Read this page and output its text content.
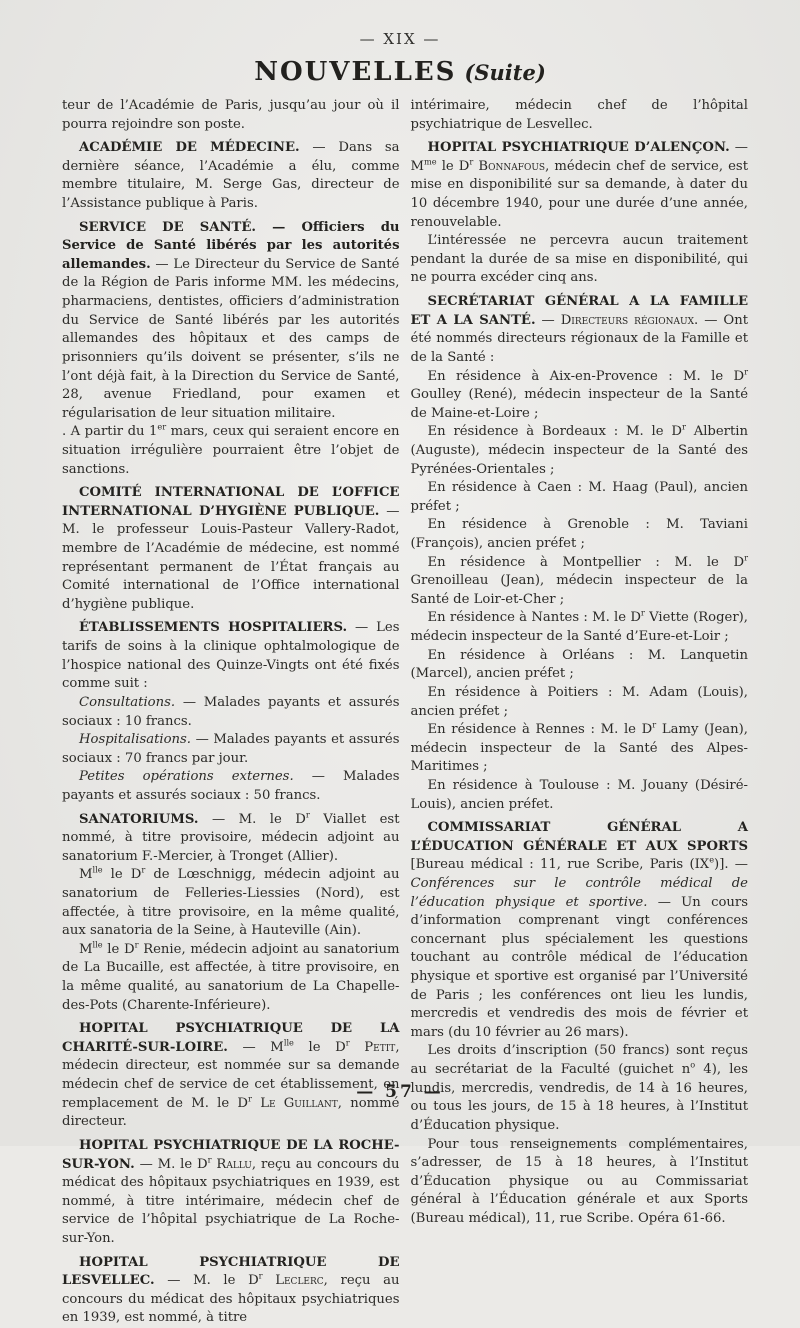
— XIX —
NOUVELLES (Suite)

teur de l’Académie de Paris, jusqu’au jour où il pourra rejoindre son poste.

ACADÉMIE DE MÉDECINE. — Dans sa dernière séance, l’Académie a élu, comme membre titulaire, M. Serge Gas, directeur de l’Assistance publique à Paris.

SERVICE DE SANTÉ. — Officiers du Service de Santé libérés par les autorités allemandes. — Le Directeur du Service de Santé de la Région de Paris informe MM. les médecins, pharmaciens, dentistes, officiers d’administration du Service de Santé libérés par les autorités allemandes des hôpitaux et des camps de prisonniers qu’ils doivent se présenter, s’ils ne l’ont déjà fait, à la Direction du Service de Santé, 28, avenue Friedland, pour examen et régularisation de leur situation militaire.

. A partir du 1er mars, ceux qui seraient encore en situation irrégulière pourraient être l’objet de sanctions.

COMITÉ INTERNATIONAL DE L’OFFICE INTERNATIONAL D’HYGIÈNE PUBLIQUE. — M. le professeur Louis-Pasteur Vallery-Radot, membre de l’Académie de médecine, est nommé représentant permanent de l’État français au Comité international de l’Office international d’hygiène publique.

ÉTABLISSEMENTS HOSPITALIERS. — Les tarifs de soins à la clinique ophtalmologique de l’hospice national des Quinze-Vingts ont été fixés comme suit :

Consultations. — Malades payants et assurés sociaux : 10 francs.

Hospitalisations. — Malades payants et assurés sociaux : 70 francs par jour.

Petites opérations externes. — Malades payants et assurés sociaux : 50 francs.

SANATORIUMS. — M. le $D^r$ Viallet est nommé, à titre provisoire, médecin adjoint au sanatorium F.-Mercier, à Tronget (Allier).

$M^{lle}$ le $D^r$ de Lœschnigg, médecin adjoint au sanatorium de Felleries-Liessies (Nord), est affectée, à titre provisoire, en la même qualité, aux sanatoria de la Seine, à Hauteville (Ain).

$M^{lle}$ le $D^r$ Renie, médecin adjoint au sanatorium de La Bucaille, est affectée, à titre provisoire, en la même qualité, au sanatorium de La Chapelle-des-Pots (Charente-Inférieure).

HOPITAL PSYCHIATRIQUE DE LA CHARITÉ-SUR-LOIRE. — $M^{lle}$ le $D^r$ Petit, médecin directeur, est nommée sur sa demande médecin chef de service de cet établissement, en remplacement de M. le $D^r$ Le Guillant, nommé directeur.

HOPITAL PSYCHIATRIQUE DE LA ROCHE-SUR-YON. — M. le $D^r$ Rallu, reçu au concours du médicat des hôpitaux psychiatriques en 1939, est nommé, à titre intérimaire, médecin chef de service de l’hôpital psychiatrique de La Roche-sur-Yon.

HOPITAL PSYCHIATRIQUE DE LESVELLEC. — M. le $D^r$ Leclerc, reçu au concours du médicat des hôpitaux psychiatriques en 1939, est nommé, à titre

intérimaire, médecin chef de l’hôpital psychiatrique de Lesvellec.

HOPITAL PSYCHIATRIQUE D’ALENÇON. — $M^{me}$ le $D^r$ Bonnafous, médecin chef de service, est mise en disponibilité sur sa demande, à dater du 10 décembre 1940, pour une durée d’une année, renouvelable.

L’intéressée ne percevra aucun traitement pendant la durée de sa mise en disponibilité, qui ne pourra excéder cinq ans.

SECRÉTARIAT GÉNÉRAL A LA FAMILLE ET A LA SANTÉ. — Directeurs régionaux. — Ont été nommés directeurs régionaux de la Famille et de la Santé :

En résidence à Aix-en-Provence : M. le $D^r$ Goulley (René), médecin inspecteur de la Santé de Maine-et-Loire ;

En résidence à Bordeaux : M. le $D^r$ Albertin (Auguste), médecin inspecteur de la Santé des Pyrénées-Orientales ;

En résidence à Caen : M. Haag (Paul), ancien préfet ;

En résidence à Grenoble : M. Taviani (François), ancien préfet ;

En résidence à Montpellier : M. le $D^r$ Grenoilleau (Jean), médecin inspecteur de la Santé de Loir-et-Cher ;

En résidence à Nantes : M. le $D^r$ Viette (Roger), médecin inspecteur de la Santé d’Eure-et-Loir ;

En résidence à Orléans : M. Lanquetin (Marcel), ancien préfet ;

En résidence à Poitiers : M. Adam (Louis), ancien préfet ;

En résidence à Rennes : M. le $D^r$ Lamy (Jean), médecin inspecteur de la Santé des Alpes-Maritimes ;

En résidence à Toulouse : M. Jouany (Désiré-Louis), ancien préfet.

COMMISSARIAT GÉNÉRAL A L’ÉDUCATION GÉNÉRALE ET AUX SPORTS [Bureau médical : 11, rue Scribe, Paris (IXe)]. — Conférences sur le contrôle médical de l’éducation physique et sportive. — Un cours d’information comprenant vingt conférences concernant plus spécialement les questions touchant au contrôle médical de l’éducation physique et sportive est organisé par l’Université de Paris ; les conférences ont lieu les lundis, mercredis et vendredis des mois de février et mars (du 10 février au 26 mars).

Les droits d’inscription (50 francs) sont reçus au secrétariat de la Faculté (guichet $n^o$ 4), les lundis, mercredis, vendredis, de 14 à 16 heures, ou tous les jours, de 15 à 18 heures, à l’Institut d’Éducation physique.

Pour tous renseignements complémentaires, s’adresser, de 15 à 18 heures, à l’Institut d’Éducation physique ou au Commissariat général à l’Éducation générale et aux Sports (Bureau médical), 11, rue Scribe. Opéra 61-66.

— 57 —
